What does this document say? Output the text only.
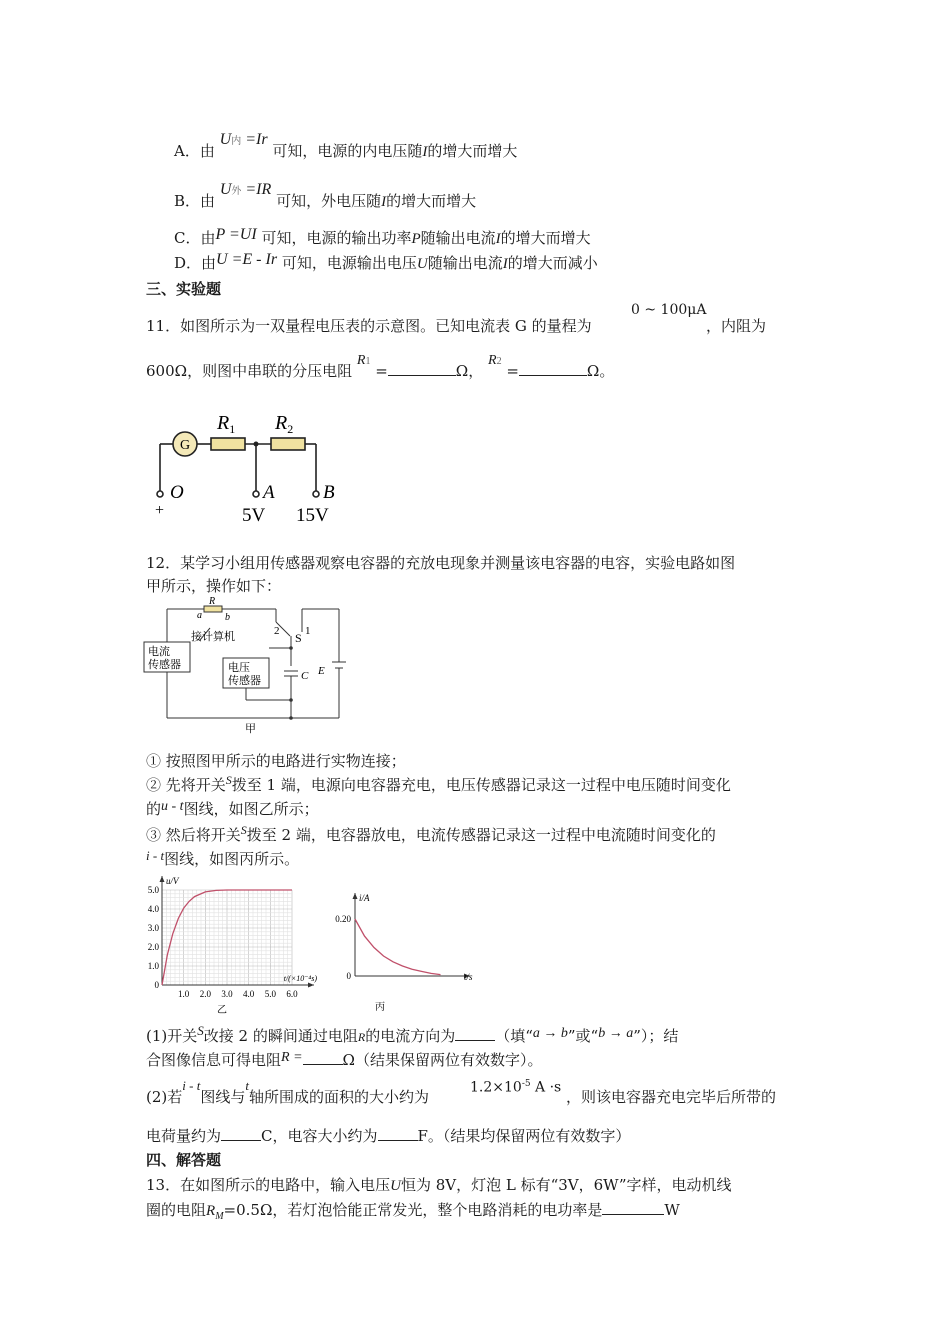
A．由 U内 =Ir 可知，电源的内电压随I的增大而增大
B．由 U外 =IR 可知，外电压随I的增大而增大
C．由P =UI 可知，电源的输出功率P随输出电流I的增大而增大
D．由U =E - Ir 可知，电源输出电压U随输出电流I的增大而减小
三、实验题
11．如图所示为一双量程电压表的示意图。已知电流表 G 的量程为
0 ~ 100μA
，内阻为
600Ω，则图中串联的分压电阻 R1 =	Ω， R2 =	Ω。
G
$R_1$ $R_2$
O	A	B
+	5V 15V
12．某学习小组用传感器观察电容器的充放电现象并测量该电容器的电容，实验电路如图
甲所示，操作如下：
R
a b
2 1
S
接计算机
电流
传感器	电压
传感器	C E
甲
① 按照图甲所示的电路进行实物连接；
② 先将开关$^S$拨至 1 端，电源向电容器充电，电压传感器记录这一过程中电压随时间变化
的u - t图线，如图乙所示；
③ 然后将开关$^S$拨至 2 端，电容器放电，电流传感器记录这一过程中电流随时间变化的
i - t图线，如图丙所示。
1.0 2.0 3.0 4.0 5.0 6.0
0
1.0
2.0
3.0
4.0
5.0
u/V
t/(×10⁻⁴s)
乙
0
0.20
i/A
t/s
丙
(1)开关S改接 2 的瞬间通过电阻R的电流方向为	（填“a → b”或“b → a”）；结
合图像信息可得电阻R =	Ω（结果保留两位有效数字）。
(2)若i - t图线与t轴所围成的面积的大小约为
$1.2\times 10^{-5}$ A ·s
，则该电容器充电完毕后所带的
电荷量约为	C，电容大小约为	F。（结果均保留两位有效数字）
四、解答题
13．在如图所示的电路中，输入电压U恒为 8V，灯泡 L 标有“3V，6W”字样，电动机线
圈的电阻$R_M=0.5\Omega$，若灯泡恰能正常发光，整个电路消耗的电功率是	W
